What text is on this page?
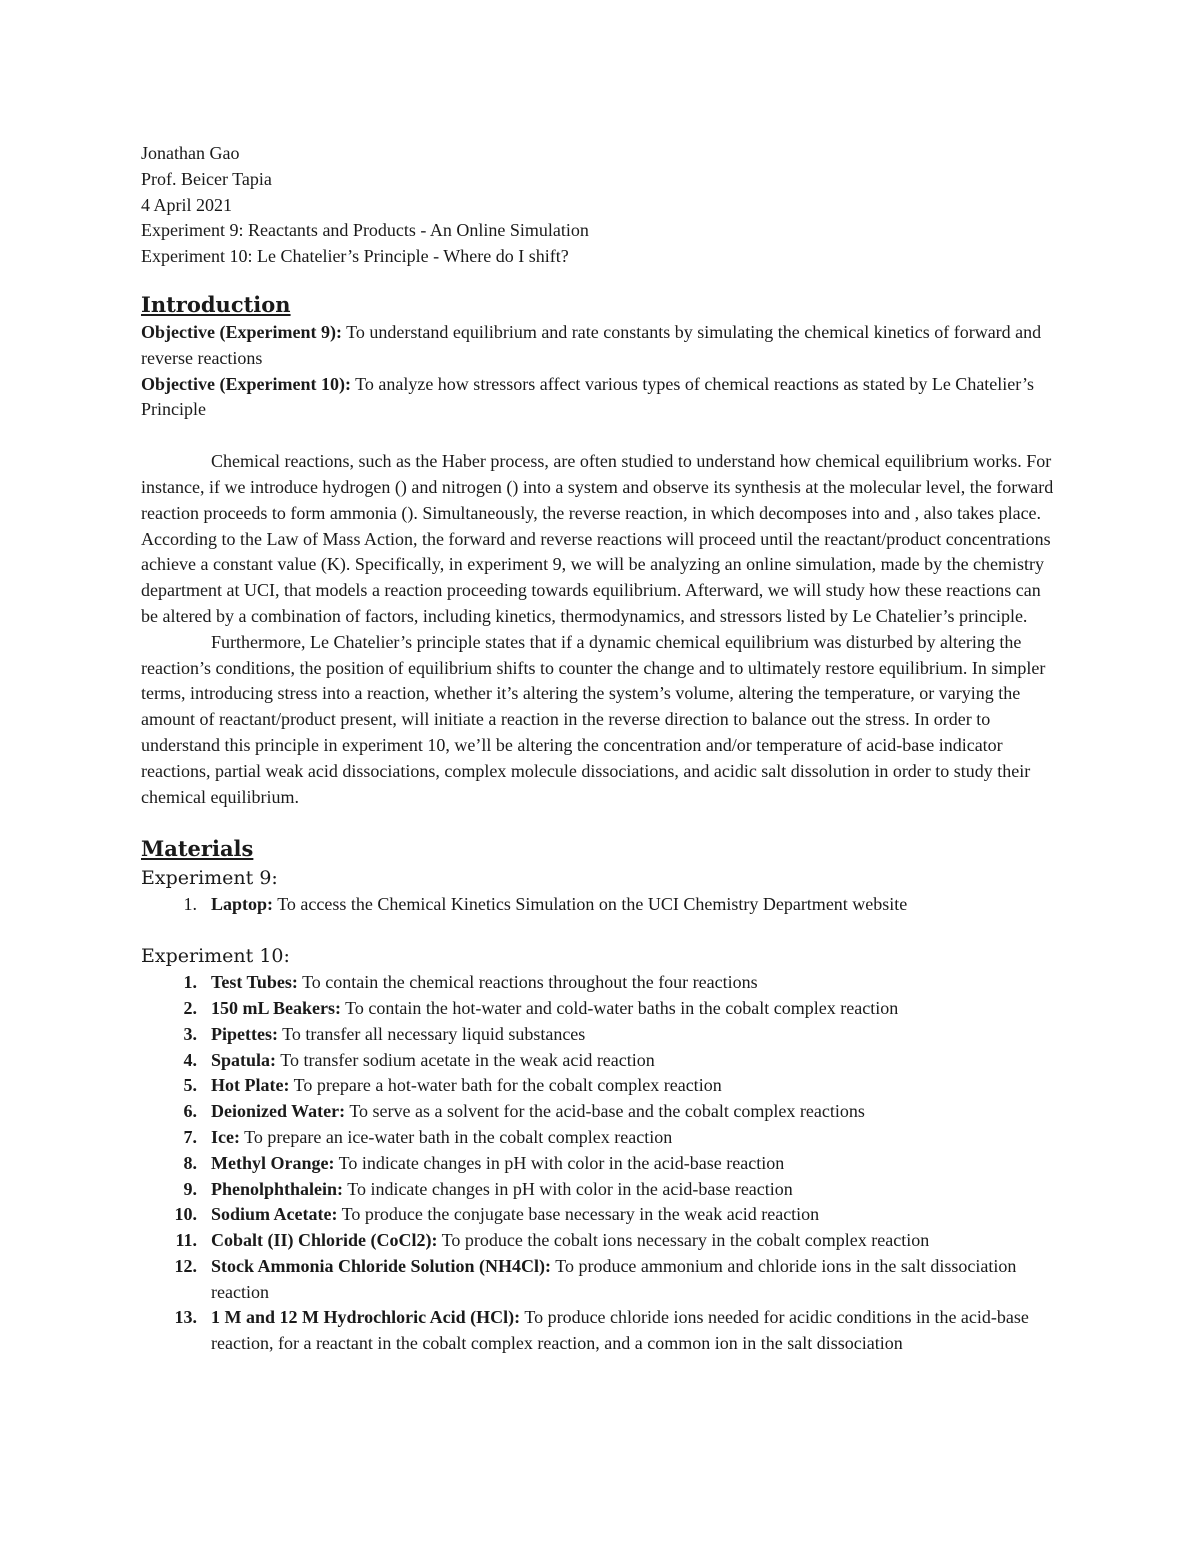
Jonathan Gao

Prof. Beicer Tapia

4 April 2021

Experiment 9: Reactants and Products - An Online Simulation

Experiment 10: Le Chatelier’s Principle - Where do I shift?

Introduction

Objective (Experiment 9): To understand equilibrium and rate constants by simulating the chemical kinetics of forward and reverse reactions

Objective (Experiment 10): To analyze how stressors affect various types of chemical reactions as stated by Le Chatelier’s Principle

Chemical reactions, such as the Haber process, are often studied to understand how chemical equilibrium works. For instance, if we introduce hydrogen () and nitrogen () into a system and observe its synthesis at the molecular level, the forward reaction proceeds to form ammonia (). Simultaneously, the reverse reaction, in which decomposes into and , also takes place. According to the Law of Mass Action, the forward and reverse reactions will proceed until the reactant/product concentrations achieve a constant value (K). Specifically, in experiment 9, we will be analyzing an online simulation, made by the chemistry department at UCI, that models a reaction proceeding towards equilibrium. Afterward, we will study how these reactions can be altered by a combination of factors, including kinetics, thermodynamics, and stressors listed by Le Chatelier’s principle.

Furthermore, Le Chatelier’s principle states that if a dynamic chemical equilibrium was disturbed by altering the reaction’s conditions, the position of equilibrium shifts to counter the change and to ultimately restore equilibrium. In simpler terms, introducing stress into a reaction, whether it’s altering the system’s volume, altering the temperature, or varying the amount of reactant/product present, will initiate a reaction in the reverse direction to balance out the stress. In order to understand this principle in experiment 10, we’ll be altering the concentration and/or temperature of acid-base indicator reactions, partial weak acid dissociations, complex molecule dissociations, and acidic salt dissolution in order to study their chemical equilibrium.

Materials
Experiment 9:
1. Laptop: To access the Chemical Kinetics Simulation on the UCI Chemistry Department website
Experiment 10:
1. Test Tubes: To contain the chemical reactions throughout the four reactions
2. 150 mL Beakers: To contain the hot-water and cold-water baths in the cobalt complex reaction
3. Pipettes: To transfer all necessary liquid substances
4. Spatula: To transfer sodium acetate in the weak acid reaction
5. Hot Plate: To prepare a hot-water bath for the cobalt complex reaction
6. Deionized Water: To serve as a solvent for the acid-base and the cobalt complex reactions
7. Ice: To prepare an ice-water bath in the cobalt complex reaction
8. Methyl Orange: To indicate changes in pH with color in the acid-base reaction
9. Phenolphthalein: To indicate changes in pH with color in the acid-base reaction
10. Sodium Acetate: To produce the conjugate base necessary in the weak acid reaction
11. Cobalt (II) Chloride (CoCl2): To produce the cobalt ions necessary in the cobalt complex reaction
12. Stock Ammonia Chloride Solution (NH4Cl): To produce ammonium and chloride ions in the salt dissociation reaction
13. 1 M and 12 M Hydrochloric Acid (HCl): To produce chloride ions needed for acidic conditions in the acid-base reaction, for a reactant in the cobalt complex reaction, and a common ion in the salt dissociation
